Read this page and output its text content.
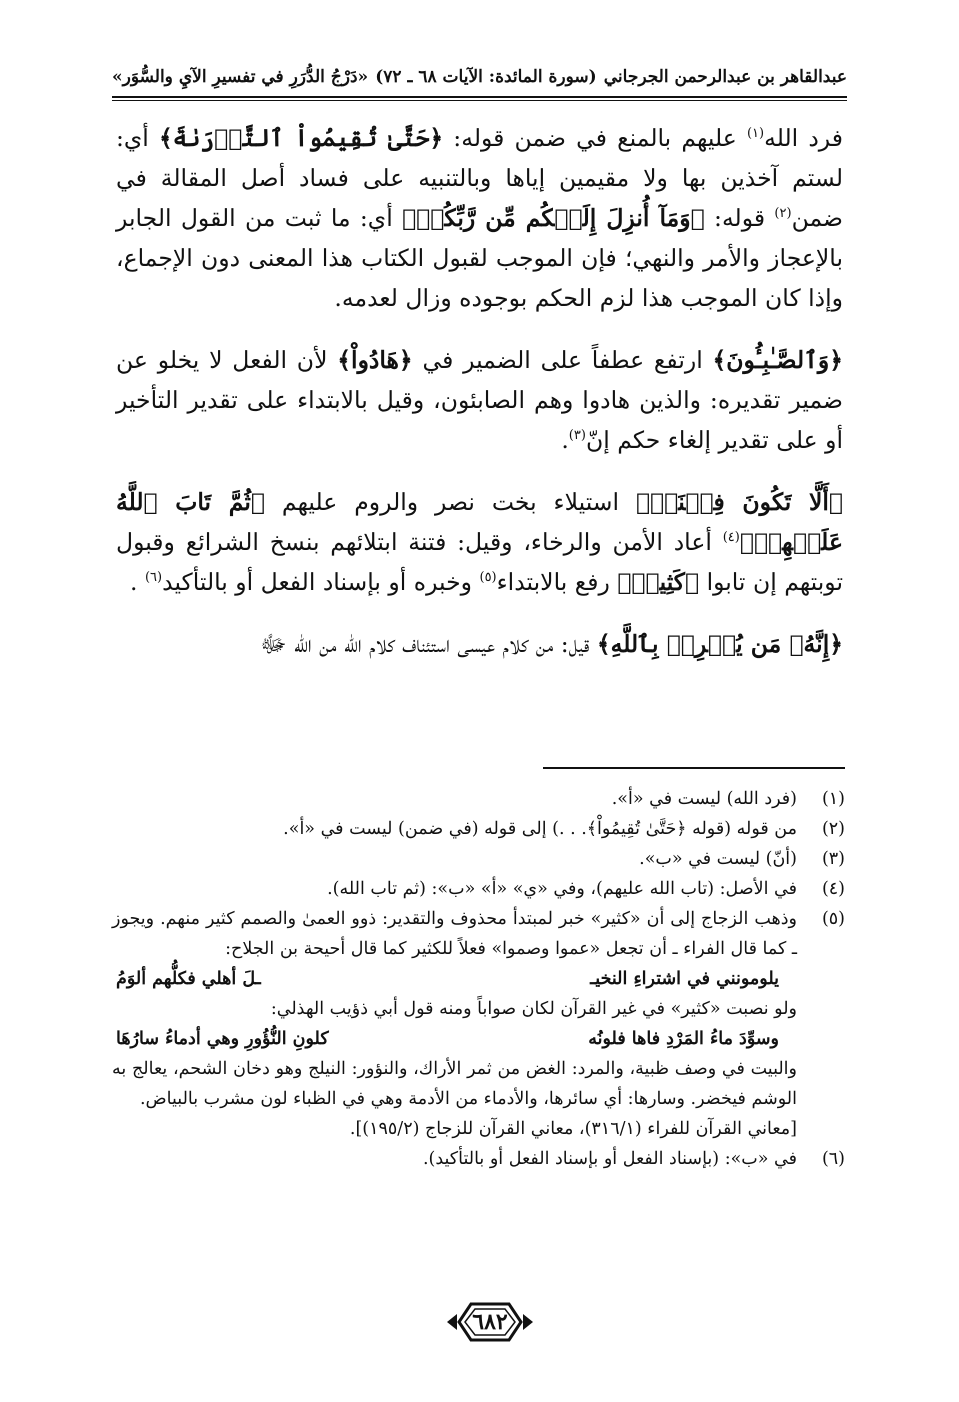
عبدالقاهر بن عبدالرحمن الجرجاني
(سورة المائدة: الآيات ٦٨ ـ ٧٢)
«دَرْجُ الدُّرَرِ في تفسيرِ الآيِ والسُّوَر»

فرد الله$^{(١)}$ عليهم بالمنع في ضمن قوله: ﴿حَتَّىٰ تُقِيمُواْ ٱلتَّوۡرَىٰةَ﴾ أي: لستم آخذين بها ولا مقيمين إياها وبالتنبيه على فساد أصل المقالة في ضمن$^{(٢)}$ قوله: ﴿وَمَآ أُنزِلَ إِلَيۡكُم مِّن رَّبِّكُمۡ﴾ أي: ما ثبت من القول الجابر بالإعجاز والأمر والنهي؛ فإن الموجب لقبول الكتاب هذا المعنى دون الإجماع، وإذا كان الموجب هذا لزم الحكم بوجوده وزال لعدمه.

﴿وَٱلصَّـٰبِـُٔونَ﴾ ارتفع عطفاً على الضمير في ﴿هَادُواْ﴾ لأن الفعل لا يخلو عن ضمير تقديره: والذين هادوا وهم الصابئون، وقيل بالابتداء على تقدير التأخير أو على تقدير إلغاء حكم إنّ$^{(٣)}$.

﴿أَلَّا تَكُونَ فِتۡنَةٞ﴾ استيلاء بخت نصر والروم عليهم ﴿ثُمَّ تَابَ ٱللَّهُ عَلَيۡهِمۡ﴾$^{(٤)}$ أعاد الأمن والرخاء، وقيل: فتنة ابتلائهم بنسخ الشرائع وقبول توبتهم إن تابوا ﴿كَثِيرٞ﴾ رفع بالابتداء$^{(٥)}$ وخبره أو بإسناد الفعل أو بالتأكيد$^{(٦)}$ .

﴿إِنَّهُۥ مَن يُشۡرِكۡ بِٱللَّهِ﴾ قيل: من كلام عيسى استئناف كلام الله من الله ﷻ

(١)
(فرد الله) ليست في «أ».
(٢)
من قوله (قوله ﴿حَتَّىٰ تُقِيمُواْ﴾. . .) إلى قوله (في ضمن) ليست في «أ».
(٣)
(أنّ) ليست في «ب».
(٤)
في الأصل: (تاب الله عليهم)، وفي «ي» «أ» «ب»: (ثم تاب الله).
(٥)
وذهب الزجاج إلى أن «كثير» خبر لمبتدأ محذوف والتقدير: ذوو العمىٰ والصمم كثير منهم. ويجوز ـ كما قال الفراء ـ أن تجعل «عموا وصموا» فعلاً للكثير كما قال أحيحة بن الجلاح:
يلومونني في اشتراءِ النخيـ
ـلَ أهلي فكلُّهم ألوَمُ
ولو نصبت «كثير» في غير القرآن لكان صواباً ومنه قول أبي ذؤيب الهذلي:
وسوِّدَ ماءُ المَرْدِ فاها فلونُه
كلونِ النُّؤُورِ وهي أدماءُ سارُهَا
والبيت في وصف ظبية، والمرد: الغض من ثمر الأراك، والنؤور: النيلج وهو دخان الشحم، يعالج به الوشم فيخضر. وسارها: أي سائرها، والأدماء من الأدمة وهي في الظباء لون مشرب بالبياض.
[معاني القرآن للفراء (٣١٦/١)، معاني القرآن للزجاج (١٩٥/٢)].
(٦)
في «ب»: (بإسناد الفعل أو بإسناد الفعل أو بالتأكيد).
٦٨٢
